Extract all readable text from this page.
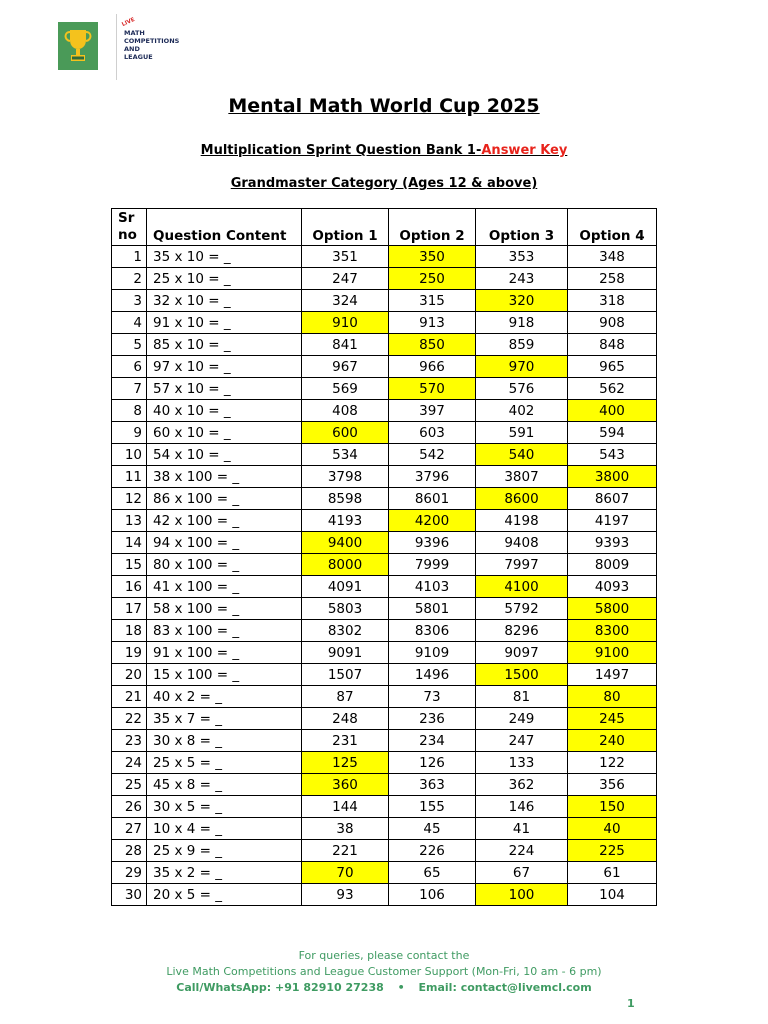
LIVE
MATH
COMPETITIONS
AND
LEAGUE
Mental Math World Cup 2025
Multiplication Sprint Question Bank 1-Answer Key
Grandmaster Category (Ages 12 & above)
Sr
no	Question Content	Option 1	Option 2	Option 3	Option 4
1	35 x 10 = _	351	350	353	348
2	25 x 10 = _	247	250	243	258
3	32 x 10 = _	324	315	320	318
4	91 x 10 = _	910	913	918	908
5	85 x 10 = _	841	850	859	848
6	97 x 10 = _	967	966	970	965
7	57 x 10 = _	569	570	576	562
8	40 x 10 = _	408	397	402	400
9	60 x 10 = _	600	603	591	594
10	54 x 10 = _	534	542	540	543
11	38 x 100 = _	3798	3796	3807	3800
12	86 x 100 = _	8598	8601	8600	8607
13	42 x 100 = _	4193	4200	4198	4197
14	94 x 100 = _	9400	9396	9408	9393
15	80 x 100 = _	8000	7999	7997	8009
16	41 x 100 = _	4091	4103	4100	4093
17	58 x 100 = _	5803	5801	5792	5800
18	83 x 100 = _	8302	8306	8296	8300
19	91 x 100 = _	9091	9109	9097	9100
20	15 x 100 = _	1507	1496	1500	1497
21	40 x 2 = _	87	73	81	80
22	35 x 7 = _	248	236	249	245
23	30 x 8 = _	231	234	247	240
24	25 x 5 = _	125	126	133	122
25	45 x 8 = _	360	363	362	356
26	30 x 5 = _	144	155	146	150
27	10 x 4 = _	38	45	41	40
28	25 x 9 = _	221	226	224	225
29	35 x 2 = _	70	65	67	61
30	20 x 5 = _	93	106	100	104
For queries, please contact the
Live Math Competitions and League Customer Support (Mon-Fri, 10 am - 6 pm)
Call/WhatsApp: +91 82910 27238 • Email: contact@livemcl.com
1
